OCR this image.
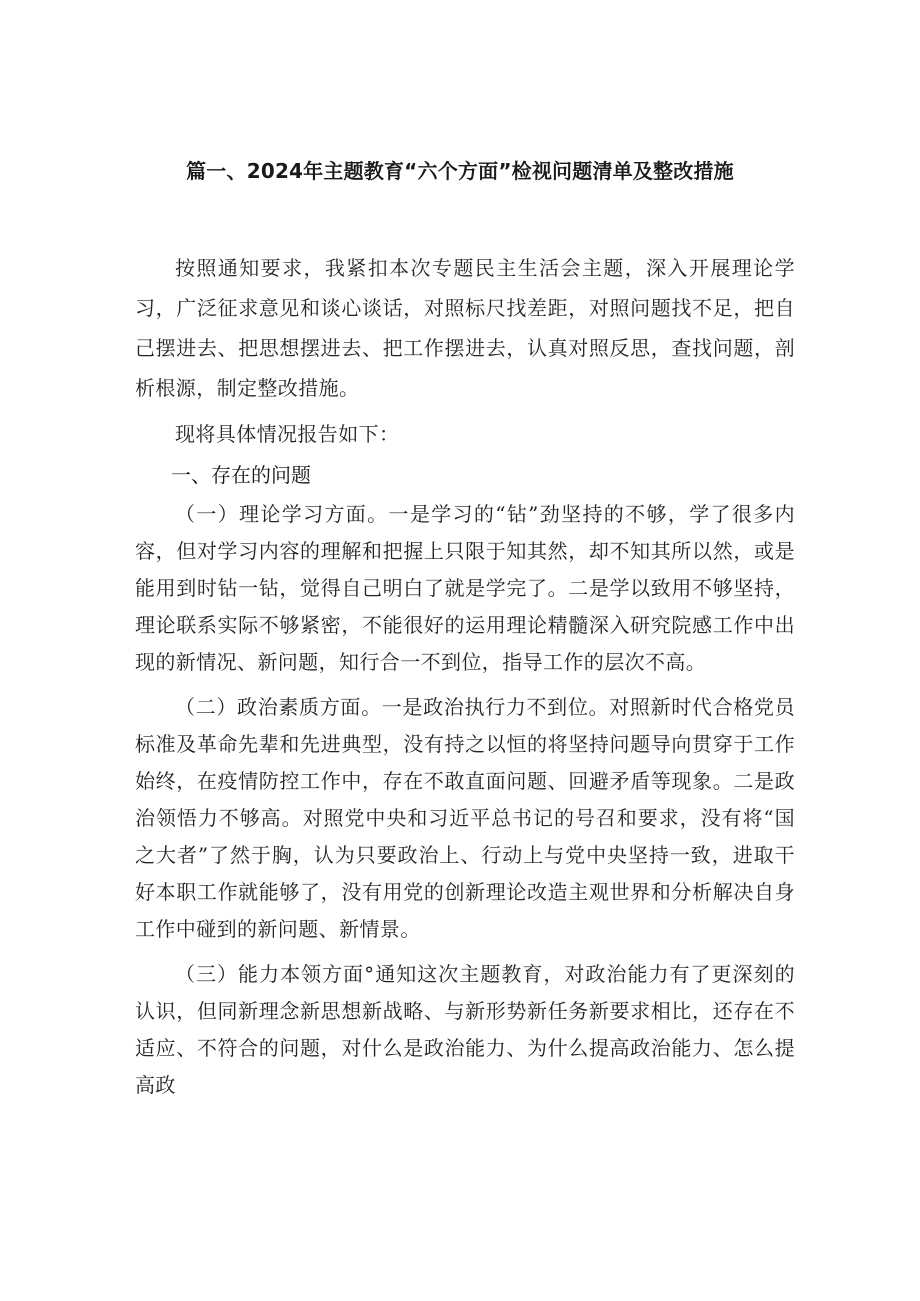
篇一、2024年主题教育“六个方面”检视问题清单及整改措施

按照通知要求，我紧扣本次专题民主生活会主题，深入开展理论学习，广泛征求意见和谈心谈话，对照标尺找差距，对照问题找不足，把自己摆进去、把思想摆进去、把工作摆进去，认真对照反思，查找问题，剖析根源，制定整改措施。

现将具体情况报告如下：

一、存在的问题

（一）理论学习方面。一是学习的“钻”劲坚持的不够，学了很多内容，但对学习内容的理解和把握上只限于知其然，却不知其所以然，或是能用到时钻一钻，觉得自己明白了就是学完了。二是学以致用不够坚持，理论联系实际不够紧密，不能很好的运用理论精髓深入研究院感工作中出现的新情况、新问题，知行合一不到位，指导工作的层次不高。

（二）政治素质方面。一是政治执行力不到位。对照新时代合格党员标准及革命先辈和先进典型，没有持之以恒的将坚持问题导向贯穿于工作始终，在疫情防控工作中，存在不敢直面问题、回避矛盾等现象。二是政治领悟力不够高。对照党中央和习近平总书记的号召和要求，没有将“国之大者”了然于胸，认为只要政治上、行动上与党中央坚持一致，进取干好本职工作就能够了，没有用党的创新理论改造主观世界和分析解决自身工作中碰到的新问题、新情景。

（三）能力本领方面°通知这次主题教育，对政治能力有了更深刻的认识，但同新理念新思想新战略、与新形势新任务新要求相比，还存在不适应、不符合的问题，对什么是政治能力、为什么提高政治能力、怎么提高政
